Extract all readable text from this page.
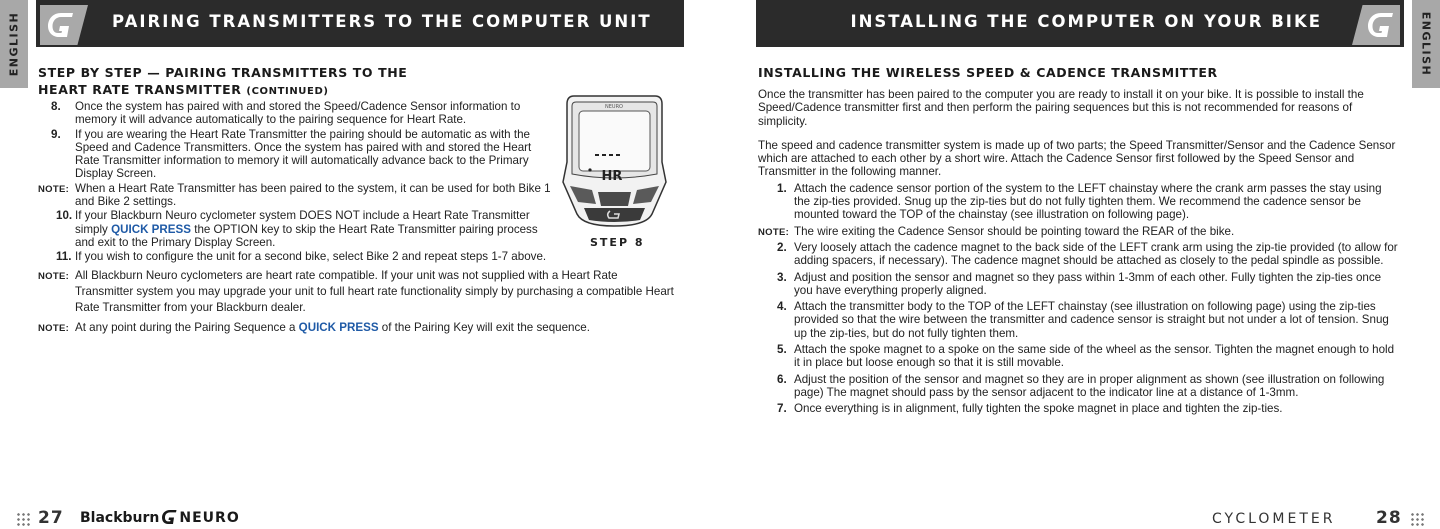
ENGLISH	PAIRING TRANSMITTERS TO THE COMPUTER UNIT
STEP BY STEP — PAIRING TRANSMITTERS TO THE
HEART RATE TRANSMITTER (CONTINUED)
8. Once the system has paired with and stored the Speed/Cadence Sensor information to memory it will advance automatically to the pairing sequence for Heart Rate.
9. If you are wearing the Heart Rate Transmitter the pairing should be automatic as with the Speed and Cadence Transmitters. Once the system has paired with and stored the Heart Rate Transmitter information to memory it will automatically advance back to the Primary Display Screen.
NOTE: When a Heart Rate Transmitter has been paired to the system, it can be used for both Bike 1 and Bike 2 settings.
10. If your Blackburn Neuro cyclometer system DOES NOT include a Heart Rate Transmitter simply QUICK PRESS the OPTION key to skip the Heart Rate Transmitter pairing process and exit to the Primary Display Screen.
11. If you wish to configure the unit for a second bike, select Bike 2 and repeat steps 1-7 above.
NOTE: All Blackburn Neuro cyclometers are heart rate compatible. If your unit was not supplied with a Heart Rate Transmitter system you may upgrade your unit to full heart rate functionality simply by purchasing a compatible Heart Rate Transmitter from your Blackburn dealer.
NOTE: At any point during the Pairing Sequence a QUICK PRESS of the Pairing Key will exit the sequence.
NEURO
HR
STEP 8
27 Blackburn NEURO
INSTALLING THE COMPUTER ON YOUR BIKE	ENGLISH
INSTALLING THE WIRELESS SPEED & CADENCE TRANSMITTER
Once the transmitter has been paired to the computer you are ready to install it on your bike. It is possible to install the Speed/Cadence transmitter first and then perform the pairing sequences but this is not recommended for reasons of simplicity.
The speed and cadence transmitter system is made up of two parts; the Speed Transmitter/Sensor and the Cadence Sensor which are attached to each other by a short wire. Attach the Cadence Sensor first followed by the Speed Sensor and Transmitter in the following manner.
1. Attach the cadence sensor portion of the system to the LEFT chainstay where the crank arm passes the stay using the zip-ties provided. Snug up the zip-ties but do not fully tighten them. We recommend the cadence sensor be mounted toward the TOP of the chainstay (see illustration on following page).
NOTE: The wire exiting the Cadence Sensor should be pointing toward the REAR of the bike.
2. Very loosely attach the cadence magnet to the back side of the LEFT crank arm using the zip-tie provided (to allow for adding spacers, if necessary). The cadence magnet should be attached as closely to the pedal spindle as possible.
3. Adjust and position the sensor and magnet so they pass within 1-3mm of each other. Fully tighten the zip-ties once you have everything properly aligned.
4. Attach the transmitter body to the TOP of the LEFT chainstay (see illustration on following page) using the zip-ties provided so that the wire between the transmitter and cadence sensor is straight but not under a lot of tension. Snug up the zip-ties, but do not fully tighten them.
5. Attach the spoke magnet to a spoke on the same side of the wheel as the sensor. Tighten the magnet enough to hold it in place but loose enough so that it is still movable.
6. Adjust the position of the sensor and magnet so they are in proper alignment as shown (see illustration on following page) The magnet should pass by the sensor adjacent to the indicator line at a distance of 1-3mm.
7. Once everything is in alignment, fully tighten the spoke magnet in place and tighten the zip-ties.
CYCLOMETER 28
